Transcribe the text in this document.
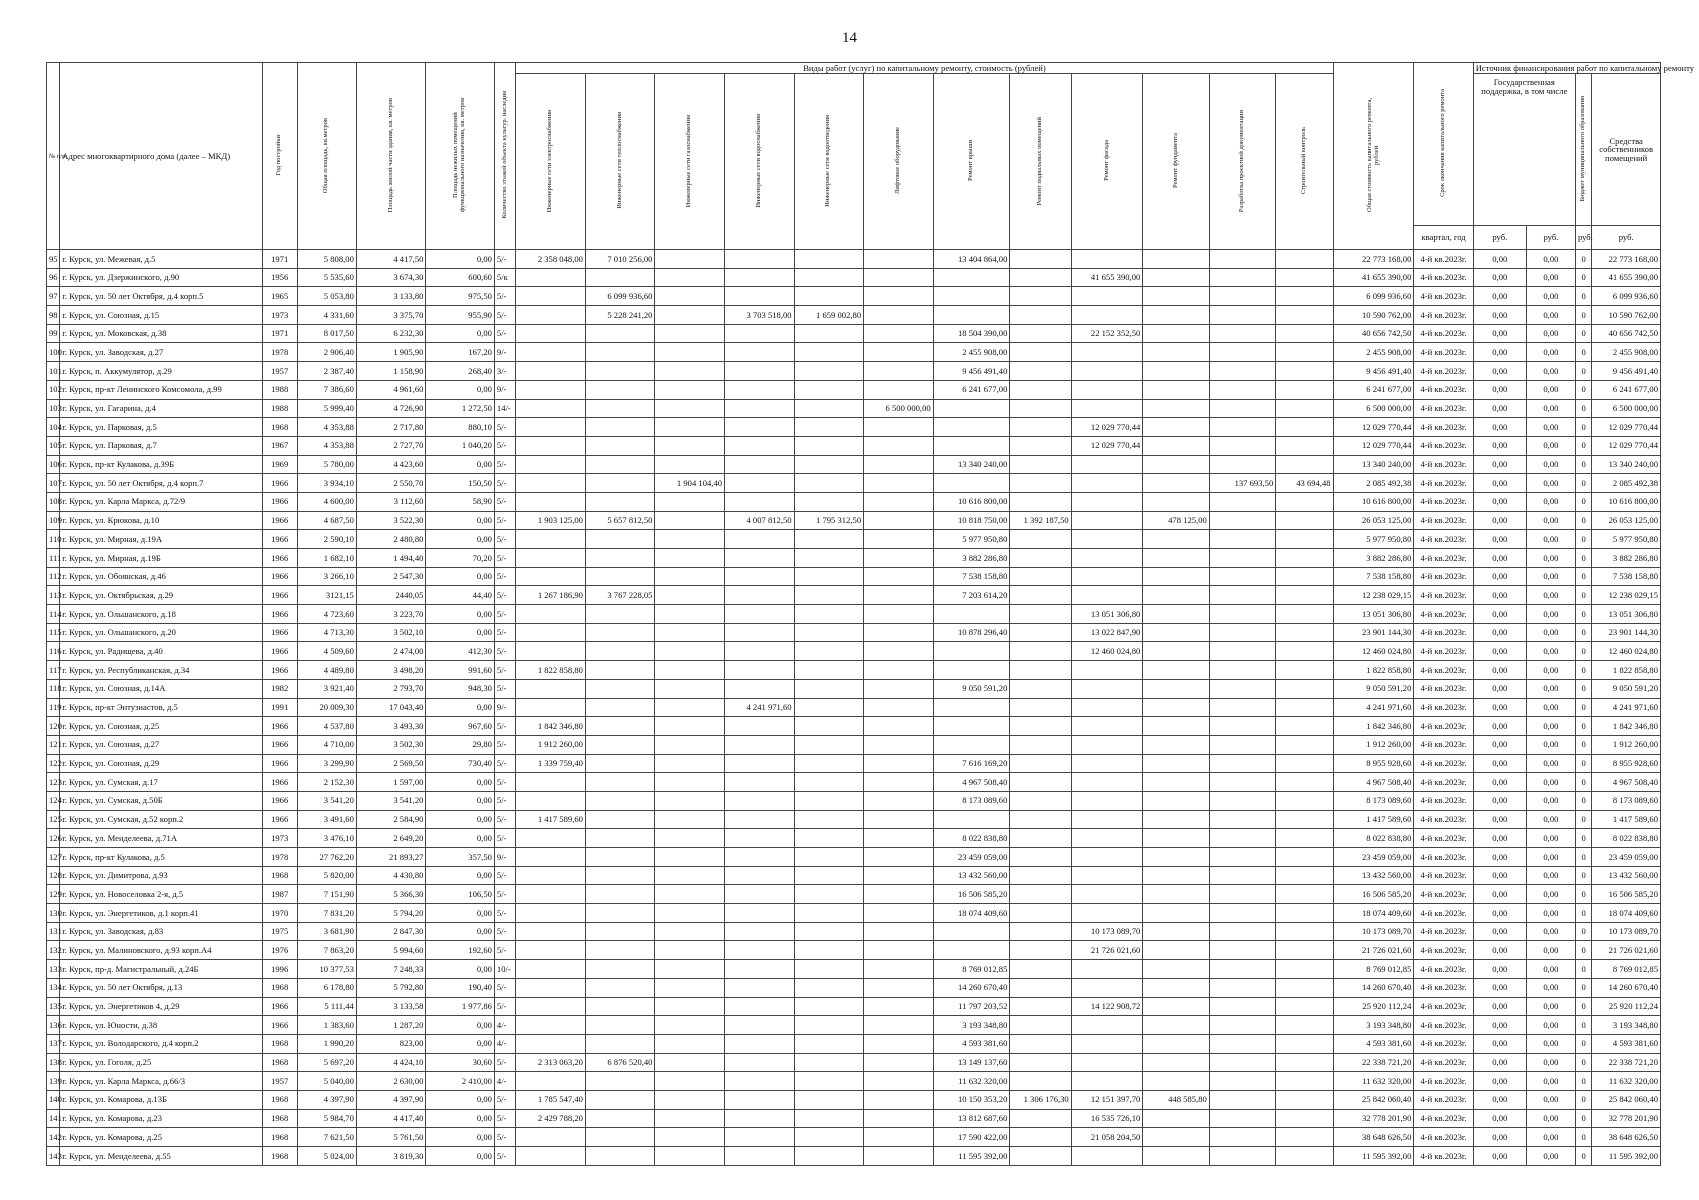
14
№ п/п	Адрес многоквартирного дома (далее – МКД)	Год постройки	Общая площадь, кв.метров	Площадь жилой части здания, кв. метров	Площадь нежилых помещений функционального назначения, кв. метров	Количество этажей объекта культур. наследия	Виды работ (услуг) по капитальному ремонту, стоимость (рублей)												Общая стоимость капитального ремонта, рублей	Срок окончания капитального ремонта	Источник финансирования работ по капитальному ремонту			
							Инженерные сети электроснабжения	Инженерные сети теплоснабжения	Инженерные сети газоснабжения	Инженерные сети водоснабжения	Инженерные сети водоотведения	Лифтовое оборудование	Ремонт крыши	Ремонт подвальных помещений	Ремонт фасада	Ремонт фундамента	Разработка проектной документации	Строительный контроль			Государственная поддержка, в том числе		Бюджет муниципального образования	Средства собственников помещений
																				квартал, год	руб.	руб.	руб.	руб.
95	г. Курск, ул. Межевая, д.5	1971	5 808,00	4 417,50	0,00	5/-	2 358 048,00	7 010 256,00					13 404 864,00						22 773 168,00	4-й кв.2023г.	0,00	0,00	0	22 773 168,00
96	г. Курск, ул. Дзержинского, д.90	1956	5 535,60	3 674,30	600,60	5/к									41 655 390,00				41 655 390,00	4-й кв.2023г.	0,00	0,00	0	41 655 390,00
97	г. Курск, ул. 50 лет Октября, д.4 корп.5	1965	5 053,80	3 133,80	975,50	5/-		6 099 936,60											6 099 936,60	4-й кв.2023г.	0,00	0,00	0	6 099 936,60
98	г. Курск, ул. Союзная, д.15	1973	4 331,60	3 375,70	955,90	5/-		5 228 241,20		3 703 518,00	1 659 002,80								10 590 762,00	4-й кв.2023г.	0,00	0,00	0	10 590 762,00
99	г. Курск, ул. Моковская, д.38	1971	8 017,50	6 232,30	0,00	5/-							18 504 390,00		22 152 352,50				40 656 742,50	4-й кв.2023г.	0,00	0,00	0	40 656 742,50
100	г. Курск, ул. Заводская, д.27	1978	2 906,40	1 905,90	167,20	9/-							2 455 908,00						2 455 908,00	4-й кв.2023г.	0,00	0,00	0	2 455 908,00
101	г. Курск, п. Аккумулятор, д.29	1957	2 387,40	1 158,90	268,40	3/-							9 456 491,40						9 456 491,40	4-й кв.2023г.	0,00	0,00	0	9 456 491,40
102	г. Курск, пр-кт Ленинского Комсомола, д.99	1988	7 386,60	4 961,60	0,00	9/-							6 241 677,00						6 241 677,00	4-й кв.2023г.	0,00	0,00	0	6 241 677,00
103	г. Курск, ул. Гагарина, д.4	1988	5 999,40	4 726,90	1 272,50	14/-						6 500 000,00							6 500 000,00	4-й кв.2023г.	0,00	0,00	0	6 500 000,00
104	г. Курск, ул. Парковая, д.5	1968	4 353,88	2 717,80	880,10	5/-									12 029 770,44				12 029 770,44	4-й кв.2023г.	0,00	0,00	0	12 029 770,44
105	г. Курск, ул. Парковая, д.7	1967	4 353,88	2 727,70	1 040,20	5/-									12 029 770,44				12 029 770,44	4-й кв.2023г.	0,00	0,00	0	12 029 770,44
106	г. Курск, пр-кт Кулакова, д.39Б	1969	5 780,00	4 423,60	0,00	5/-							13 340 240,00						13 340 240,00	4-й кв.2023г.	0,00	0,00	0	13 340 240,00
107	г. Курск, ул. 50 лет Октября, д.4 корп.7	1966	3 934,10	2 550,70	150,50	5/-			1 904 104,40								137 693,50	43 694,48	2 085 492,38	4-й кв.2023г.	0,00	0,00	0	2 085 492,38
108	г. Курск, ул. Карла Маркса, д.72/9	1966	4 600,00	3 112,60	58,90	5/-							10 616 800,00						10 616 800,00	4-й кв.2023г.	0,00	0,00	0	10 616 800,00
109	г. Курск, ул. Крюкова, д.10	1966	4 687,50	3 522,30	0,00	5/-	1 903 125,00	5 657 812,50		4 007 812,50	1 795 312,50		10 818 750,00	1 392 187,50		478 125,00			26 053 125,00	4-й кв.2023г.	0,00	0,00	0	26 053 125,00
110	г. Курск, ул. Мирная, д.19А	1966	2 590,10	2 480,80	0,00	5/-							5 977 950,80						5 977 950,80	4-й кв.2023г.	0,00	0,00	0	5 977 950,80
111	г. Курск, ул. Мирная, д.19Б	1966	1 682,10	1 494,40	70,20	5/-							3 882 286,80						3 882 286,80	4-й кв.2023г.	0,00	0,00	0	3 882 286,80
112	г. Курск, ул. Обоянская, д.46	1966	3 266,10	2 547,30	0,00	5/-							7 538 158,80						7 538 158,80	4-й кв.2023г.	0,00	0,00	0	7 538 158,80
113	г. Курск, ул. Октябрьская, д.29	1966	3121,15	2440,05	44,40	5/-	1 267 186,90	3 767 228,05					7 203 614,20						12 238 029,15	4-й кв.2023г.	0,00	0,00	0	12 238 029,15
114	г. Курск, ул. Ольшанского, д.18	1966	4 723,60	3 223,70	0,00	5/-									13 051 306,80				13 051 306,80	4-й кв.2023г.	0,00	0,00	0	13 051 306,80
115	г. Курск, ул. Ольшанского, д.20	1966	4 713,30	3 502,10	0,00	5/-							10 878 296,40		13 022 847,90				23 901 144,30	4-й кв.2023г.	0,00	0,00	0	23 901 144,30
116	г. Курск, ул. Радищева, д.40	1966	4 509,60	2 474,00	412,30	5/-									12 460 024,80				12 460 024,80	4-й кв.2023г.	0,00	0,00	0	12 460 024,80
117	г. Курск, ул. Республиканская, д.34	1966	4 489,80	3 498,20	991,60	5/-	1 822 858,80												1 822 858,80	4-й кв.2023г.	0,00	0,00	0	1 822 858,80
118	г. Курск, ул. Союзная, д.14А	1982	3 921,40	2 793,70	948,30	5/-							9 050 591,20						9 050 591,20	4-й кв.2023г.	0,00	0,00	0	9 050 591,20
119	г. Курск, пр-кт Энтузиастов, д.5	1991	20 009,30	17 043,40	0,00	9/-				4 241 971,60									4 241 971,60	4-й кв.2023г.	0,00	0,00	0	4 241 971,60
120	г. Курск, ул. Союзная, д.25	1966	4 537,80	3 493,30	967,60	5/-	1 842 346,80												1 842 346,80	4-й кв.2023г.	0,00	0,00	0	1 842 346,80
121	г. Курск, ул. Союзная, д.27	1966	4 710,00	3 502,30	29,80	5/-	1 912 260,00												1 912 260,00	4-й кв.2023г.	0,00	0,00	0	1 912 260,00
122	г. Курск, ул. Союзная, д.29	1966	3 299,90	2 569,50	730,40	5/-	1 339 759,40						7 616 169,20						8 955 928,60	4-й кв.2023г.	0,00	0,00	0	8 955 928,60
123	г. Курск, ул. Сумская, д.17	1966	2 152,30	1 597,00	0,00	5/-							4 967 508,40						4 967 508,40	4-й кв.2023г.	0,00	0,00	0	4 967 508,40
124	г. Курск, ул. Сумская, д.50Б	1966	3 541,20	3 541,20	0,00	5/-							8 173 089,60						8 173 089,60	4-й кв.2023г.	0,00	0,00	0	8 173 089,60
125	г. Курск, ул. Сумская, д.52 корп.2	1966	3 491,60	2 584,90	0,00	5/-	1 417 589,60												1 417 589,60	4-й кв.2023г.	0,00	0,00	0	1 417 589,60
126	г. Курск, ул. Менделеева, д.71А	1973	3 476,10	2 649,20	0,00	5/-							8 022 838,80						8 022 838,80	4-й кв.2023г.	0,00	0,00	0	8 022 838,80
127	г. Курск, пр-кт Кулакова, д.5	1978	27 762,20	21 893,27	357,50	9/-							23 459 059,00						23 459 059,00	4-й кв.2023г.	0,00	0,00	0	23 459 059,00
128	г. Курск, ул. Димитрова, д.93	1968	5 820,00	4 430,80	0,00	5/-							13 432 560,00						13 432 560,00	4-й кв.2023г.	0,00	0,00	0	13 432 560,00
129	г. Курск, ул. Новоселовка 2-я, д.5	1987	7 151,90	5 366,30	106,50	5/-							16 506 585,20						16 506 585,20	4-й кв.2023г.	0,00	0,00	0	16 506 585,20
130	г. Курск, ул. Энергетиков, д.1 корп.41	1970	7 831,20	5 794,20	0,00	5/-							18 074 409,60						18 074 409,60	4-й кв.2023г.	0,00	0,00	0	18 074 409,60
131	г. Курск, ул. Заводская, д.83	1975	3 681,90	2 847,30	0,00	5/-									10 173 089,70				10 173 089,70	4-й кв.2023г.	0,00	0,00	0	10 173 089,70
132	г. Курск, ул. Малиновского, д.93 корп.А4	1976	7 863,20	5 994,60	192,60	5/-									21 726 021,60				21 726 021,60	4-й кв.2023г.	0,00	0,00	0	21 726 021,60
133	г. Курск, пр-д. Магистральный, д.24Б	1996	10 377,53	7 248,33	0,00	10/-							8 769 012,85						8 769 012,85	4-й кв.2023г.	0,00	0,00	0	8 769 012,85
134	г. Курск, ул. 50 лет Октября, д.13	1968	6 178,80	5 792,80	190,40	5/-							14 260 670,40						14 260 670,40	4-й кв.2023г.	0,00	0,00	0	14 260 670,40
135	г. Курск, ул. Энергетиков 4, д.29	1966	5 111,44	3 133,58	1 977,86	5/-							11 797 203,52		14 122 908,72				25 920 112,24	4-й кв.2023г.	0,00	0,00	0	25 920 112,24
136	г. Курск, ул. Юности, д.38	1966	1 383,60	1 287,20	0,00	4/-							3 193 348,80						3 193 348,80	4-й кв.2023г.	0,00	0,00	0	3 193 348,80
137	г. Курск, ул. Володарского, д.4 корп.2	1968	1 990,20	823,00	0,00	4/-							4 593 381,60						4 593 381,60	4-й кв.2023г.	0,00	0,00	0	4 593 381,60
138	г. Курск, ул. Гоголя, д.25	1968	5 697,20	4 424,10	30,60	5/-	2 313 063,20	6 876 520,40					13 149 137,60						22 338 721,20	4-й кв.2023г.	0,00	0,00	0	22 338 721,20
139	г. Курск, ул. Карла Маркса, д.66/3	1957	5 040,00	2 630,00	2 410,00	4/-							11 632 320,00						11 632 320,00	4-й кв.2023г.	0,00	0,00	0	11 632 320,00
140	г. Курск, ул. Комарова, д.13Б	1968	4 397,90	4 397,90	0,00	5/-	1 785 547,40						10 150 353,20	1 306 176,30	12 151 397,70	448 585,80			25 842 060,40	4-й кв.2023г.	0,00	0,00	0	25 842 060,40
141	г. Курск, ул. Комарова, д.23	1968	5 984,70	4 417,40	0,00	5/-	2 429 788,20						13 812 687,60		16 535 726,10				32 778 201,90	4-й кв.2023г.	0,00	0,00	0	32 778 201,90
142	г. Курск, ул. Комарова, д.25	1968	7 621,50	5 761,50	0,00	5/-							17 590 422,00		21 058 204,50				38 648 626,50	4-й кв.2023г.	0,00	0,00	0	38 648 626,50
143	г. Курск, ул. Менделеева, д.55	1968	5 024,00	3 819,30	0,00	5/-							11 595 392,00						11 595 392,00	4-й кв.2023г.	0,00	0,00	0	11 595 392,00
